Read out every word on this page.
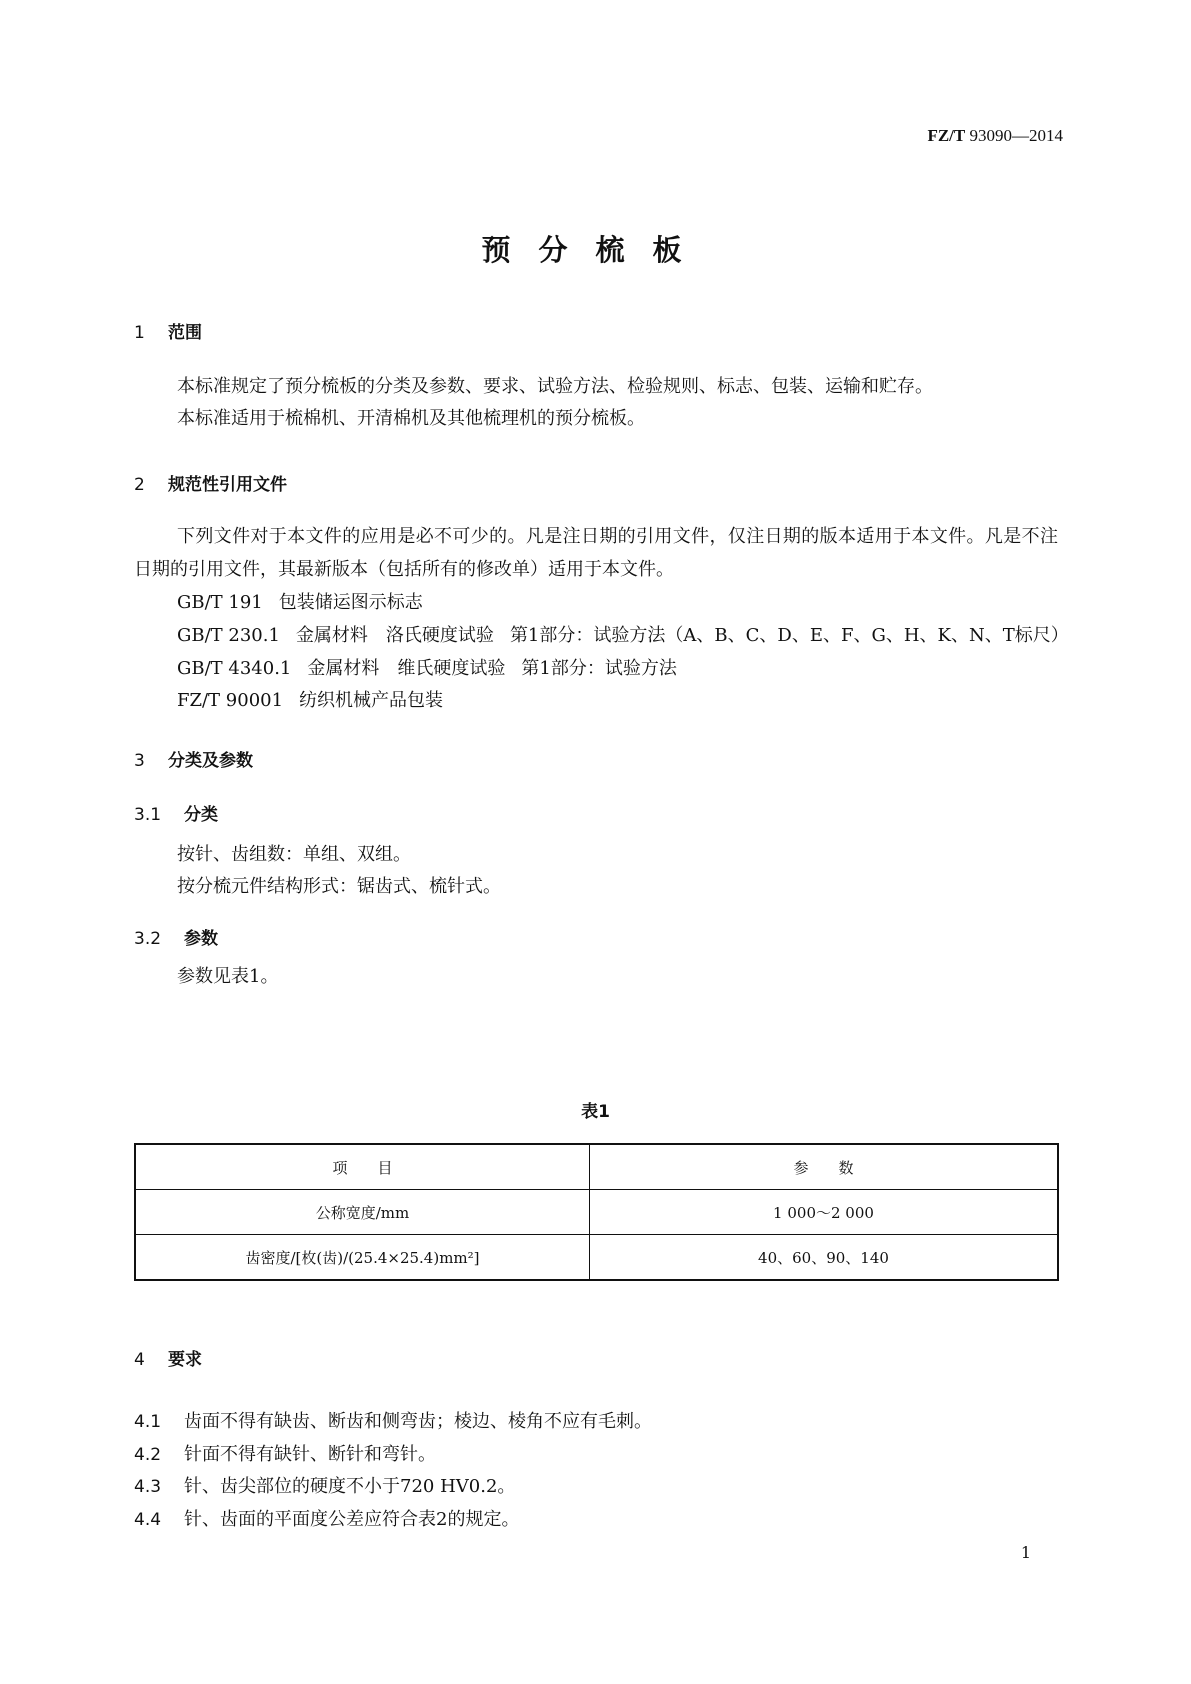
FZ/T 93090—2014
预分梳板
1 范围
本标准规定了预分梳板的分类及参数、要求、试验方法、检验规则、标志、包装、运输和贮存。
本标准适用于梳棉机、开清棉机及其他梳理机的预分梳板。
2 规范性引用文件
下列文件对于本文件的应用是必不可少的。凡是注日期的引用文件，仅注日期的版本适用于本文件。凡是不注日期的引用文件，其最新版本（包括所有的修改单）适用于本文件。
GB/T 191 包装储运图示标志
GB/T 230.1 金属材料　洛氏硬度试验 第1部分：试验方法（A、B、C、D、E、F、G、H、K、N、T标尺）
GB/T 4340.1 金属材料　维氏硬度试验 第1部分：试验方法
FZ/T 90001 纺织机械产品包装
3 分类及参数
3.1 分类
按针、齿组数：单组、双组。
按分梳元件结构形式：锯齿式、梳针式。
3.2 参数
参数见表1。
表1
项　　目	参　　数
公称宽度/mm	1 000～2 000
齿密度/[枚(齿)/(25.4×25.4)mm²]	40、60、90、140
4 要求
4.1 齿面不得有缺齿、断齿和侧弯齿；棱边、棱角不应有毛刺。
4.2 针面不得有缺针、断针和弯针。
4.3 针、齿尖部位的硬度不小于720 HV0.2。
4.4 针、齿面的平面度公差应符合表2的规定。
1
